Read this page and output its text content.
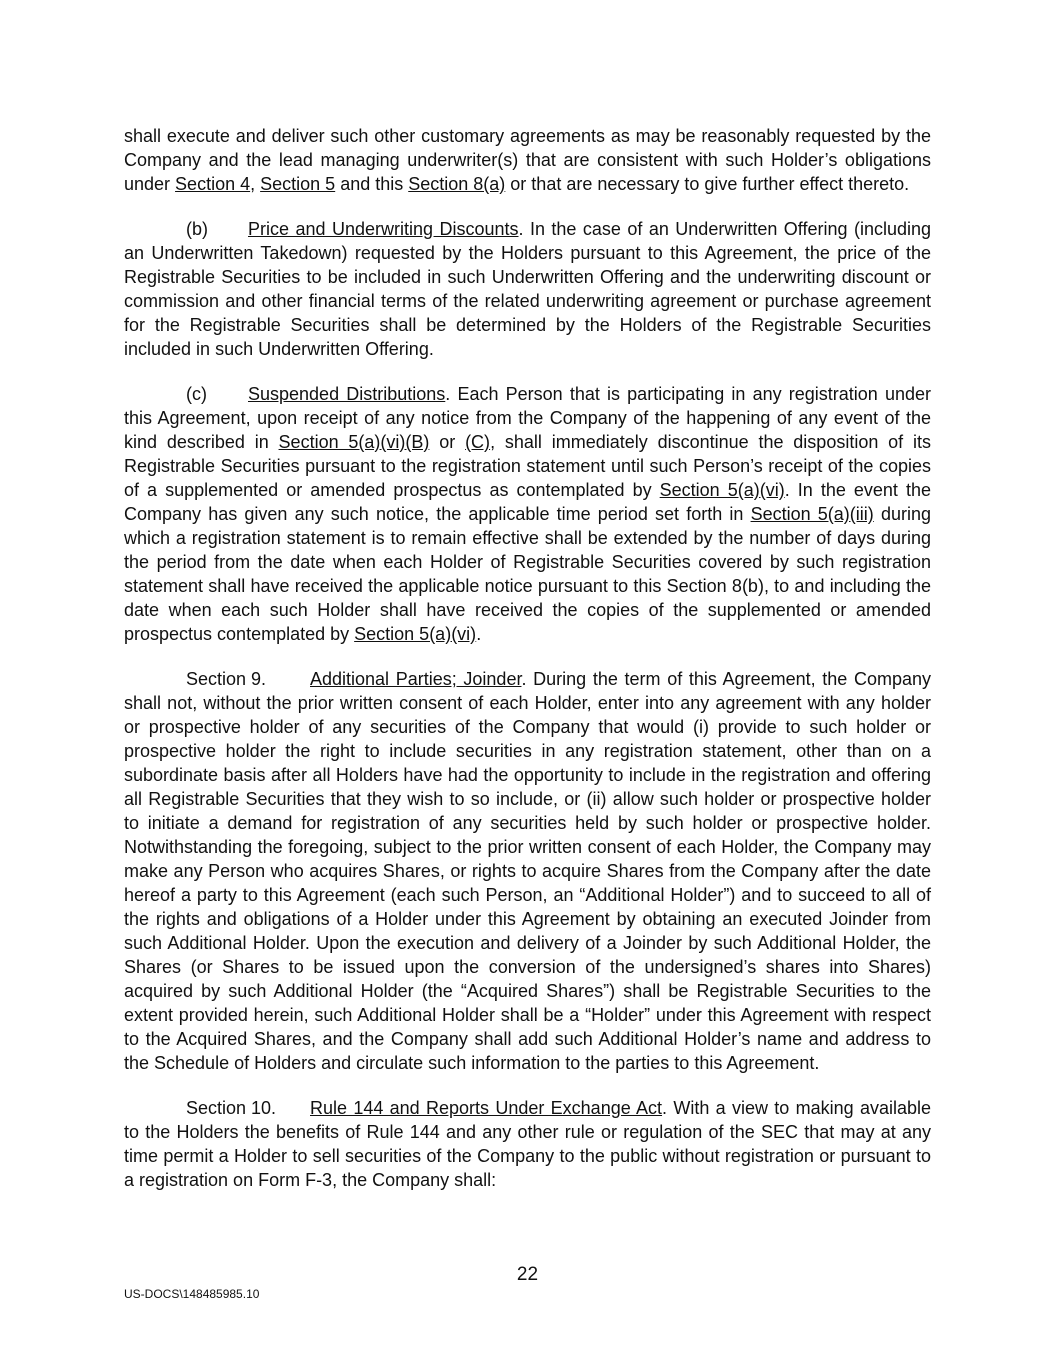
shall execute and deliver such other customary agreements as may be reasonably requested by the Company and the lead managing underwriter(s) that are consistent with such Holder’s obligations under Section 4, Section 5 and this Section 8(a) or that are necessary to give further effect thereto.

(b) Price and Underwriting Discounts. In the case of an Underwritten Offering (including an Underwritten Takedown) requested by the Holders pursuant to this Agreement, the price of the Registrable Securities to be included in such Underwritten Offering and the underwriting discount or commission and other financial terms of the related underwriting agreement or purchase agreement for the Registrable Securities shall be determined by the Holders of the Registrable Securities included in such Underwritten Offering.

(c) Suspended Distributions. Each Person that is participating in any registration under this Agreement, upon receipt of any notice from the Company of the happening of any event of the kind described in Section 5(a)(vi)(B) or (C), shall immediately discontinue the disposition of its Registrable Securities pursuant to the registration statement until such Person’s receipt of the copies of a supplemented or amended prospectus as contemplated by Section 5(a)(vi). In the event the Company has given any such notice, the applicable time period set forth in Section 5(a)(iii) during which a registration statement is to remain effective shall be extended by the number of days during the period from the date when each Holder of Registrable Securities covered by such registration statement shall have received the applicable notice pursuant to this Section 8(b), to and including the date when each such Holder shall have received the copies of the supplemented or amended prospectus contemplated by Section 5(a)(vi).

Section 9. Additional Parties; Joinder. During the term of this Agreement, the Company shall not, without the prior written consent of each Holder, enter into any agreement with any holder or prospective holder of any securities of the Company that would (i) provide to such holder or prospective holder the right to include securities in any registration statement, other than on a subordinate basis after all Holders have had the opportunity to include in the registration and offering all Registrable Securities that they wish to so include, or (ii) allow such holder or prospective holder to initiate a demand for registration of any securities held by such holder or prospective holder. Notwithstanding the foregoing, subject to the prior written consent of each Holder, the Company may make any Person who acquires Shares, or rights to acquire Shares from the Company after the date hereof a party to this Agreement (each such Person, an “Additional Holder”) and to succeed to all of the rights and obligations of a Holder under this Agreement by obtaining an executed Joinder from such Additional Holder. Upon the execution and delivery of a Joinder by such Additional Holder, the Shares (or Shares to be issued upon the conversion of the undersigned’s shares into Shares) acquired by such Additional Holder (the “Acquired Shares”) shall be Registrable Securities to the extent provided herein, such Additional Holder shall be a “Holder” under this Agreement with respect to the Acquired Shares, and the Company shall add such Additional Holder’s name and address to the Schedule of Holders and circulate such information to the parties to this Agreement.

Section 10. Rule 144 and Reports Under Exchange Act. With a view to making available to the Holders the benefits of Rule 144 and any other rule or regulation of the SEC that may at any time permit a Holder to sell securities of the Company to the public without registration or pursuant to a registration on Form F-3, the Company shall:

22
US-DOCS\148485985.10
